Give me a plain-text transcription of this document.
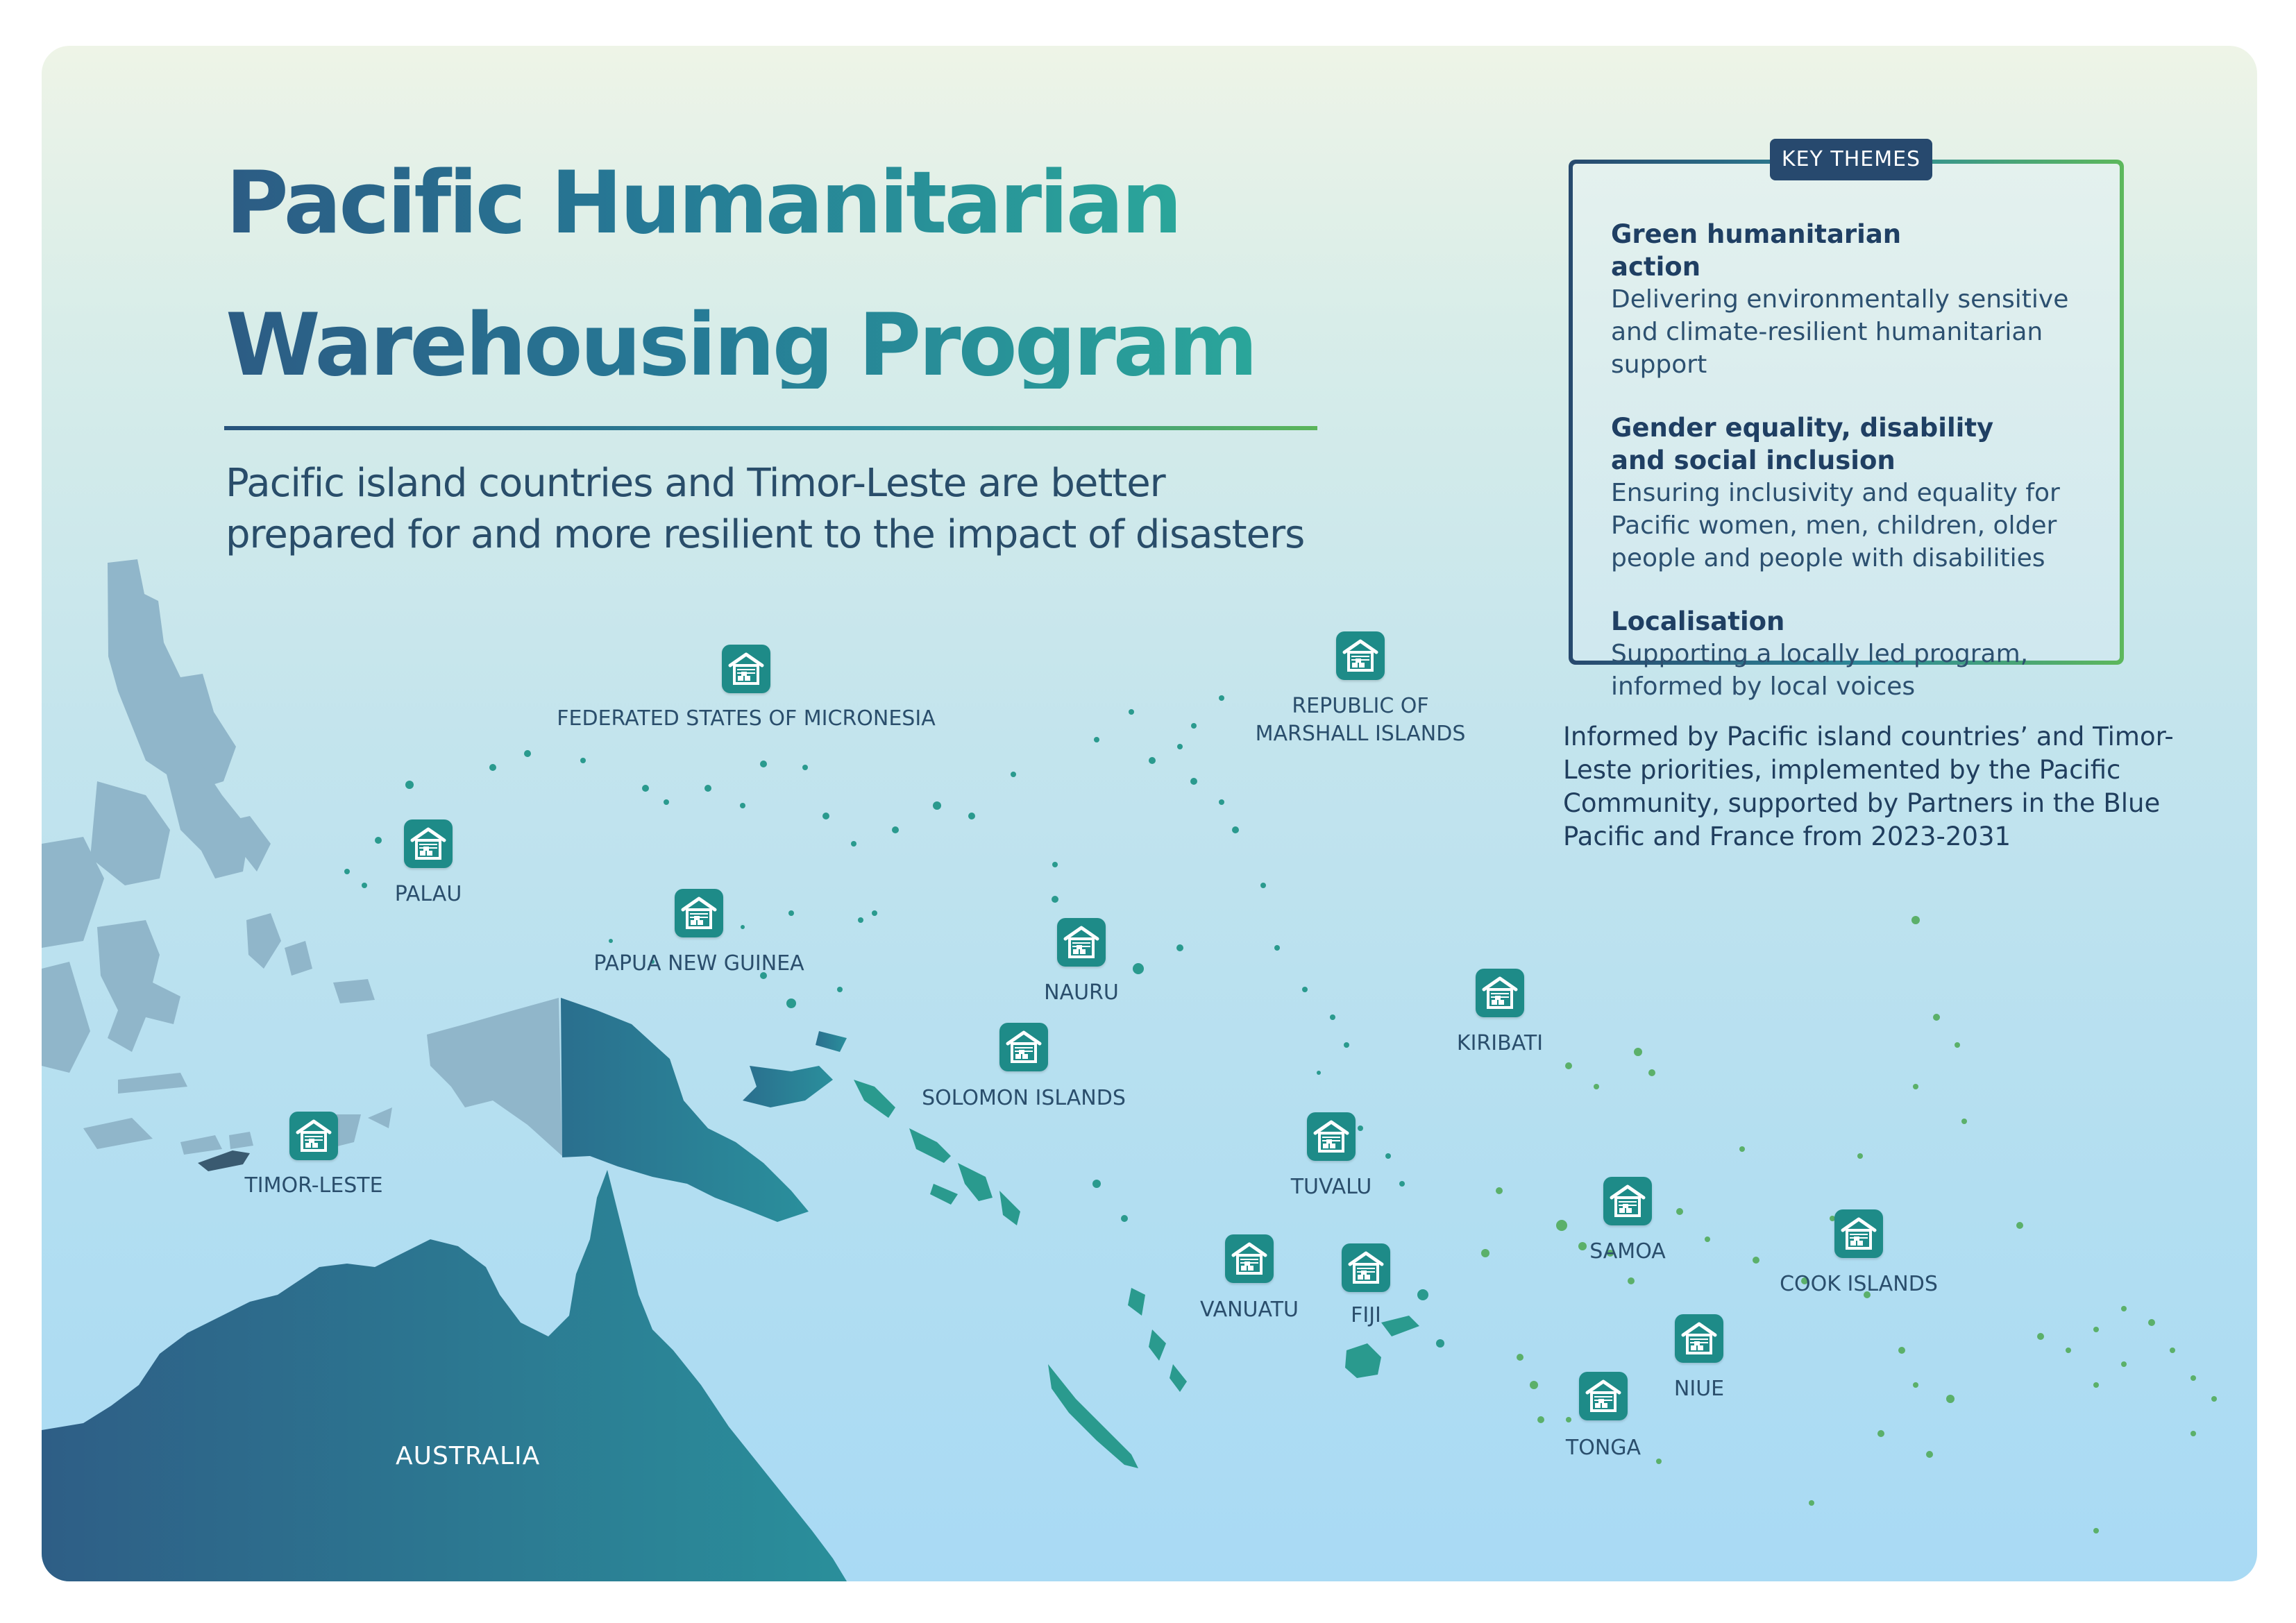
Pacific Humanitarian
Warehousing Program

Pacific island countries and Timor-Leste are better

prepared for and more resilient to the impact of disasters

KEY THEMES
Green humanitarian action
Delivering environmentally sensitive and climate-resilient humanitarian support
Gender equality, disability and social inclusion
Ensuring inclusivity and equality for Pacific women, men, children, older people and people with disabilities
Localisation
Supporting a locally led program, informed by local voices

Informed by Pacific island countries’ and Timor-Leste priorities, implemented by the Pacific Community, supported by Partners in the Blue Pacific and France from 2023-2031

FEDERATED STATES OF MICRONESIA
REPUBLIC OF
MARSHALL ISLANDS
PALAU
PAPUA NEW GUINEA
NAURU
KIRIBATI
SOLOMON ISLANDS
TIMOR-LESTE	TUVALU
SAMOA
COOK ISLANDS
VANUATU	FIJI
NIUE
TONGA
AUSTRALIA
